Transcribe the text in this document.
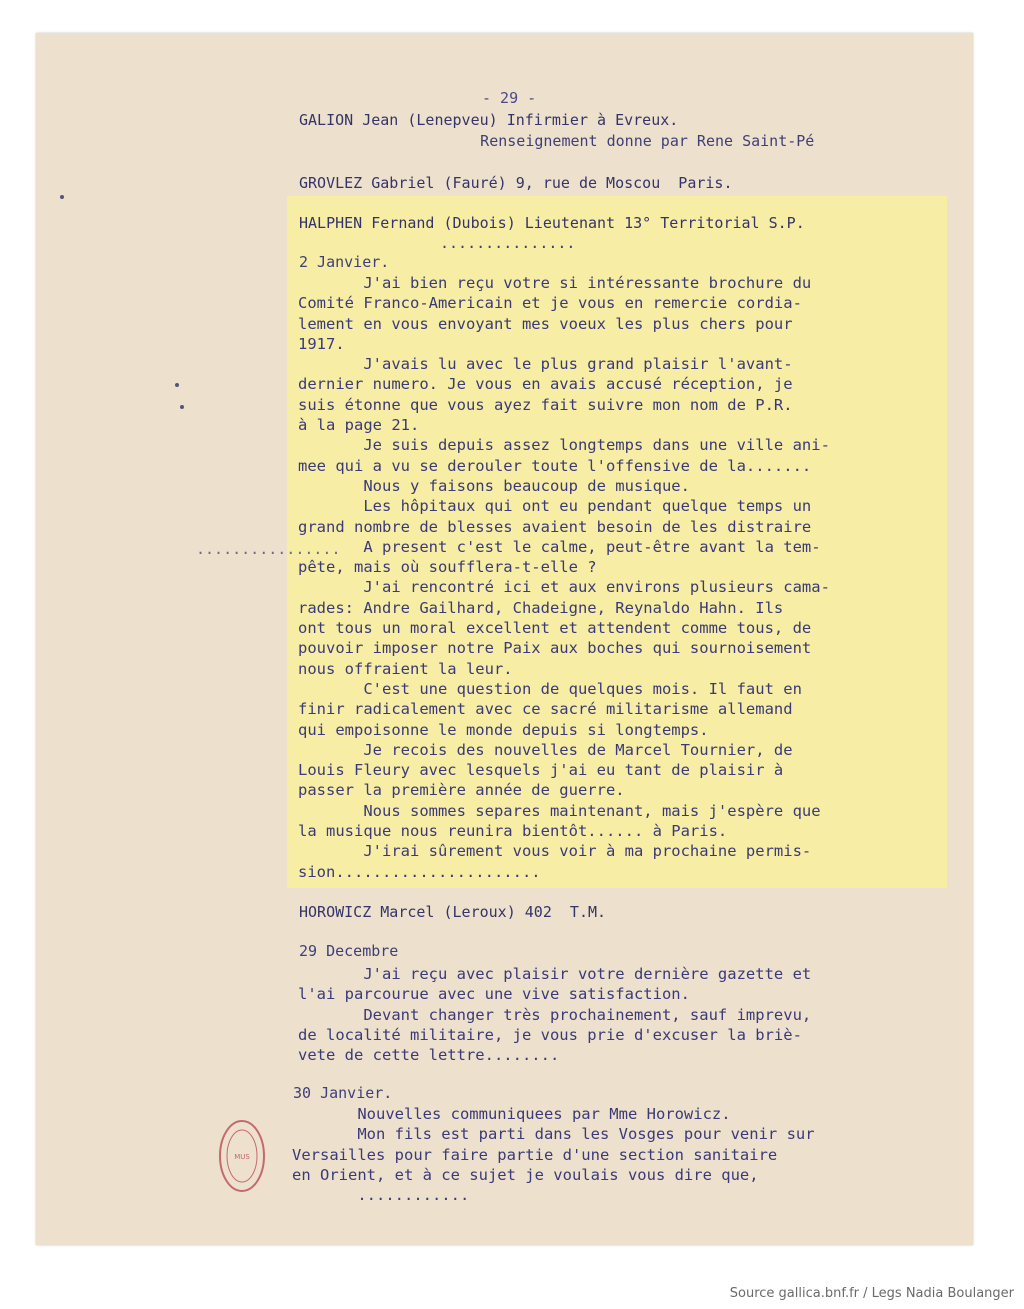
- 29 -
GALION Jean (Lenepveu) Infirmier à Evreux.
Renseignement donne par Rene Saint-Pé
GROVLEZ Gabriel (Fauré) 9, rue de Moscou  Paris.
HALPHEN Fernand (Dubois) Lieutenant 13° Territorial S.P.
...............
2 Janvier.

J'ai bien reçu votre si intéressante brochure du

Comité Franco-Americain et je vous en remercie cordia-

lement en vous envoyant mes voeux les plus chers pour

1917.

J'avais lu avec le plus grand plaisir l'avant-

dernier numero. Je vous en avais accusé réception, je

suis étonne que vous ayez fait suivre mon nom de P.R.

à la page 21.

Je suis depuis assez longtemps dans une ville ani-

mee qui a vu se derouler toute l'offensive de la.......

Nous y faisons beaucoup de musique.

Les hôpitaux qui ont eu pendant quelque temps un

grand nombre de blesses avaient besoin de les distraire

A present c'est le calme, peut-être avant la tem-

pête, mais où soufflera-t-elle ?

J'ai rencontré ici et aux environs plusieurs cama-

rades: Andre Gailhard, Chadeigne, Reynaldo Hahn. Ils

ont tous un moral excellent et attendent comme tous, de

pouvoir imposer notre Paix aux boches qui sournoisement

nous offraient la leur.

C'est une question de quelques mois. Il faut en

finir radicalement avec ce sacré militarisme allemand

qui empoisonne le monde depuis si longtemps.

Je recois des nouvelles de Marcel Tournier, de

Louis Fleury avec lesquels j'ai eu tant de plaisir à

passer la première année de guerre.

Nous sommes separes maintenant, mais j'espère que

la musique nous reunira bientôt...... à Paris.

J'irai sûrement vous voir à ma prochaine permis-

sion......................

HOROWICZ Marcel (Leroux) 402  T.M.
29 Decembre

J'ai reçu avec plaisir votre dernière gazette et

l'ai parcourue avec une vive satisfaction.

Devant changer très prochainement, sauf imprevu,

de localité militaire, je vous prie d'excuser la briè-

vete de cette lettre........

30 Janvier.

Nouvelles communiquees par Mme Horowicz.

Mon fils est parti dans les Vosges pour venir sur

Versailles pour faire partie d'une section sanitaire

en Orient, et à ce sujet je voulais vous dire que,

............

................
MUS
Source gallica.bnf.fr / Legs Nadia Boulanger
